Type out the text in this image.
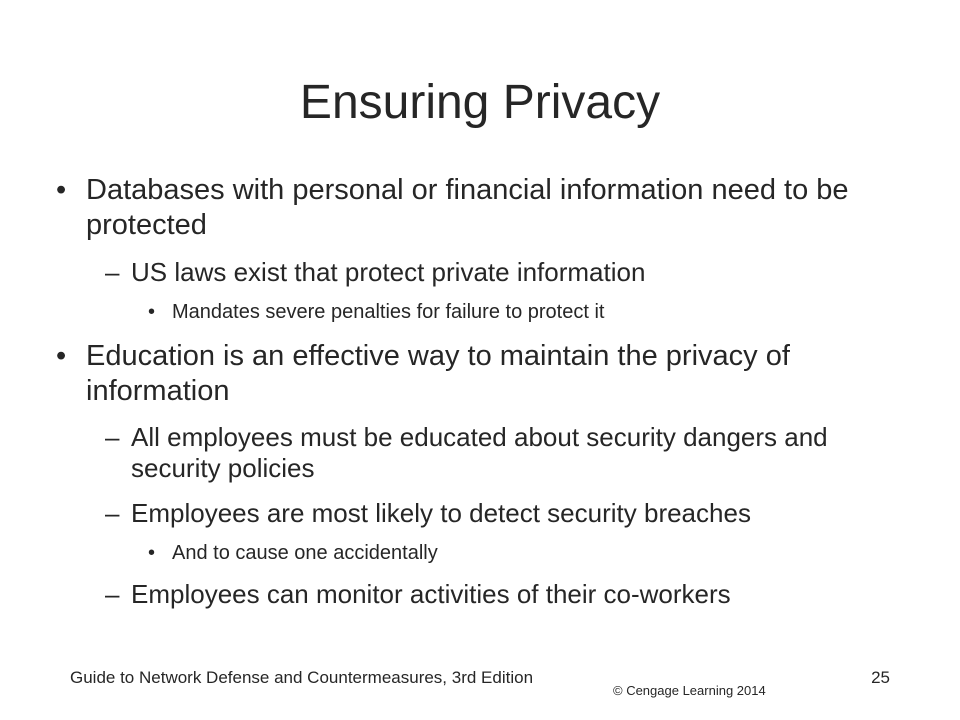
Ensuring Privacy
• Databases with personal or financial information need to be protected
– US laws exist that protect private information
• Mandates severe penalties for failure to protect it
• Education is an effective way to maintain the privacy of information
– All employees must be educated about security dangers and security policies
– Employees are most likely to detect security breaches
• And to cause one accidentally
– Employees can monitor activities of their co-workers
Guide to Network Defense and Countermeasures, 3rd Edition
© Cengage Learning 2014
25
